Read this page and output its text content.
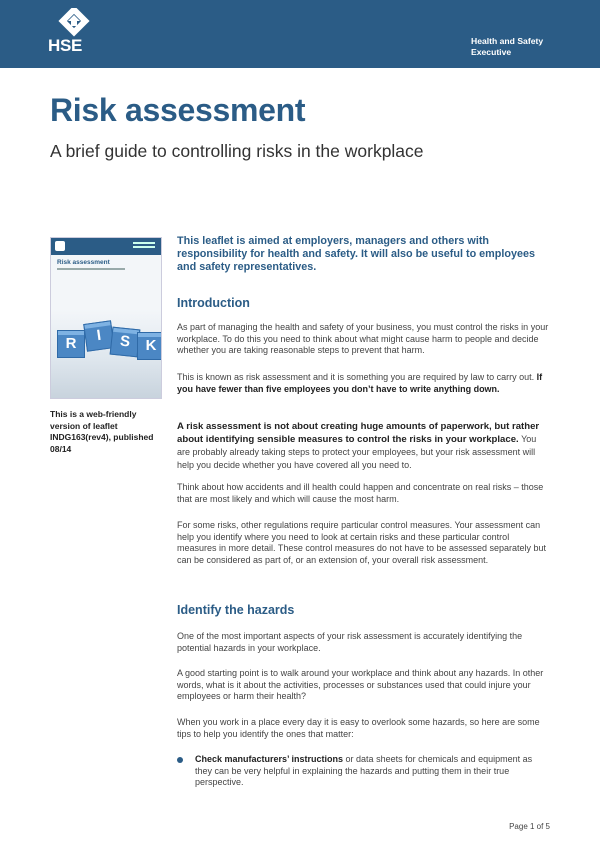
HSE	Health and Safety
Executive
Risk assessment
A brief guide to controlling risks in the workplace
Risk assessment
R	I	S K
This is a web-friendly version of leaflet INDG163(rev4), published 08/14

This leaflet is aimed at employers, managers and others with responsibility for health and safety. It will also be useful to employees and safety representatives.

Introduction

As part of managing the health and safety of your business, you must control the risks in your workplace. To do this you need to think about what might cause harm to people and decide whether you are taking reasonable steps to prevent that harm.

This is known as risk assessment and it is something you are required by law to carry out. If you have fewer than five employees you don’t have to write anything down.

A risk assessment is not about creating huge amounts of paperwork, but rather about identifying sensible measures to control the risks in your workplace. You are probably already taking steps to protect your employees, but your risk assessment will help you decide whether you have covered all you need to.

Think about how accidents and ill health could happen and concentrate on real risks – those that are most likely and which will cause the most harm.

For some risks, other regulations require particular control measures. Your assessment can help you identify where you need to look at certain risks and these particular control measures in more detail. These control measures do not have to be assessed separately but can be considered as part of, or an extension of, your overall risk assessment.

Identify the hazards

One of the most important aspects of your risk assessment is accurately identifying the potential hazards in your workplace.

A good starting point is to walk around your workplace and think about any hazards. In other words, what is it about the activities, processes or substances used that could injure your employees or harm their health?

When you work in a place every day it is easy to overlook some hazards, so here are some tips to help you identify the ones that matter:

Check manufacturers’ instructions or data sheets for chemicals and equipment as they can be very helpful in explaining the hazards and putting them in their true perspective.

Page 1 of 5
